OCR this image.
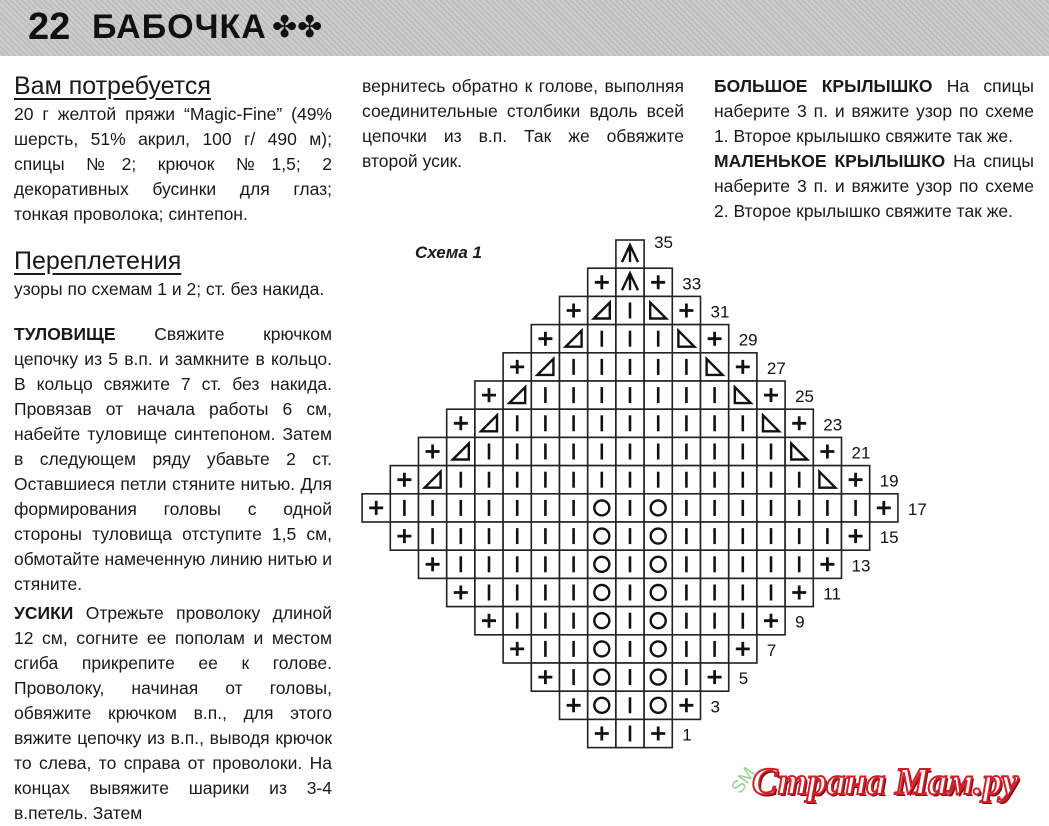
22 БАБОЧКА ✤✤
Вам потребуется

20 г желтой пряжи “Magic-Fine” (49% шерсть, 51% акрил, 100 г/ 490 м); спицы №2; крючок №1,5; 2 декоративных бусинки для глаз; тонкая проволока; синтепон.

Переплетения

узоры по схемам 1 и 2; ст. без накида.

ТУЛОВИЩЕ Свяжите крючком цепочку из 5 в.п. и замкните в кольцо. В кольцо свяжите 7 ст. без накида. Провязав от начала работы 6 см, набейте туловище синтепоном. Затем в следующем ряду убавьте 2 ст. Оставшиеся петли стяните нитью. Для формирования головы с одной стороны туловища отступите 1,5 см, обмотайте намеченную линию нитью и стяните.

УСИКИ Отрежьте проволоку длиной 12 см, согните ее пополам и местом сгиба прикрепите ее к голове. Проволоку, начиная от головы, обвяжите крючком в.п., для этого вяжите цепочку из в.п., выводя крючок то слева, то справа от проволоки. На концах вывяжите шарики из 3-4 в.петель. Затем

вернитесь обратно к голове, выполняя соединительные столбики вдоль всей цепочки из в.п. Так же обвяжите второй усик.

БОЛЬШОЕ КРЫЛЫШКО На спицы наберите 3 п. и вяжите узор по схеме 1. Второе крылышко свяжите так же.

МАЛЕНЬКОЕ КРЫЛЫШКО На спицы наберите 3 п. и вяжите узор по схеме 2. Второе крылышко свяжите так же.

Схема 1
35
33
31
29
27
25
23
21
19
17
15
13
11
9
7
5
3
1
SM
Страна Мам.ру
